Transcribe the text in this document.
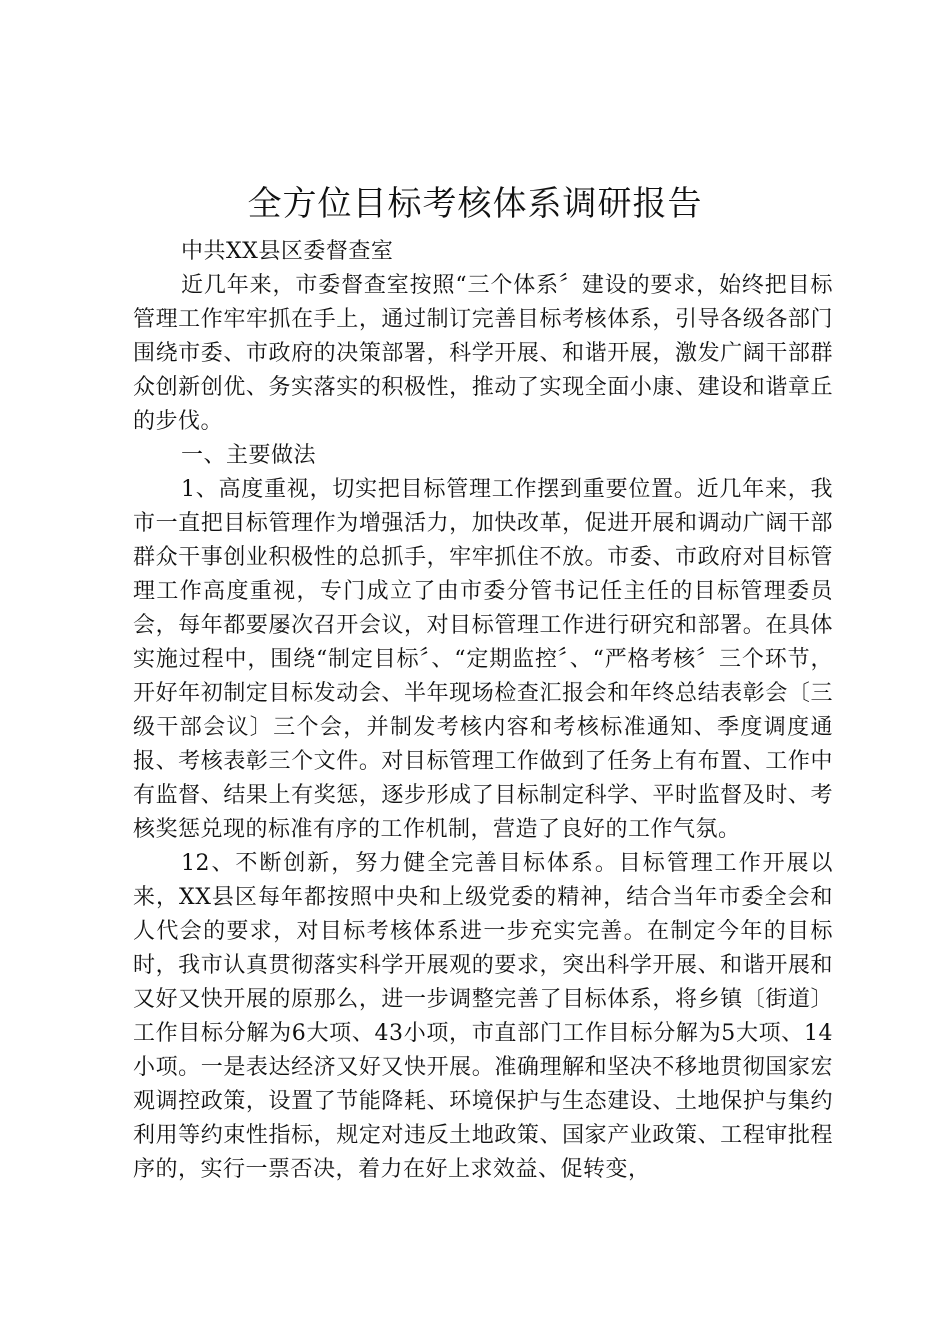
全方位目标考核体系调研报告

中共XX县区委督查室

近几年来，市委督查室按照“三个体系〞建设的要求，始终把目标管理工作牢牢抓在手上，通过制订完善目标考核体系，引导各级各部门围绕市委、市政府的决策部署，科学开展、和谐开展，激发广阔干部群众创新创优、务实落实的积极性，推动了实现全面小康、建设和谐章丘的步伐。

一、主要做法

1、高度重视，切实把目标管理工作摆到重要位置。近几年来，我市一直把目标管理作为增强活力，加快改革，促进开展和调动广阔干部群众干事创业积极性的总抓手，牢牢抓住不放。市委、市政府对目标管理工作高度重视，专门成立了由市委分管书记任主任的目标管理委员会，每年都要屡次召开会议，对目标管理工作进行研究和部署。在具体实施过程中，围绕“制定目标〞、“定期监控〞、“严格考核〞三个环节，开好年初制定目标发动会、半年现场检查汇报会和年终总结表彰会〔三级干部会议〕三个会，并制发考核内容和考核标准通知、季度调度通报、考核表彰三个文件。对目标管理工作做到了任务上有布置、工作中有监督、结果上有奖惩，逐步形成了目标制定科学、平时监督及时、考核奖惩兑现的标准有序的工作机制，营造了良好的工作气氛。

12、不断创新，努力健全完善目标体系。目标管理工作开展以来，XX县区每年都按照中央和上级党委的精神，结合当年市委全会和人代会的要求，对目标考核体系进一步充实完善。在制定今年的目标时，我市认真贯彻落实科学开展观的要求，突出科学开展、和谐开展和又好又快开展的原那么，进一步调整完善了目标体系，将乡镇〔街道〕工作目标分解为6大项、43小项，市直部门工作目标分解为5大项、14小项。一是表达经济又好又快开展。准确理解和坚决不移地贯彻国家宏观调控政策，设置了节能降耗、环境保护与生态建设、土地保护与集约利用等约束性指标，规定对违反土地政策、国家产业政策、工程审批程序的，实行一票否决，着力在好上求效益、促转变，
